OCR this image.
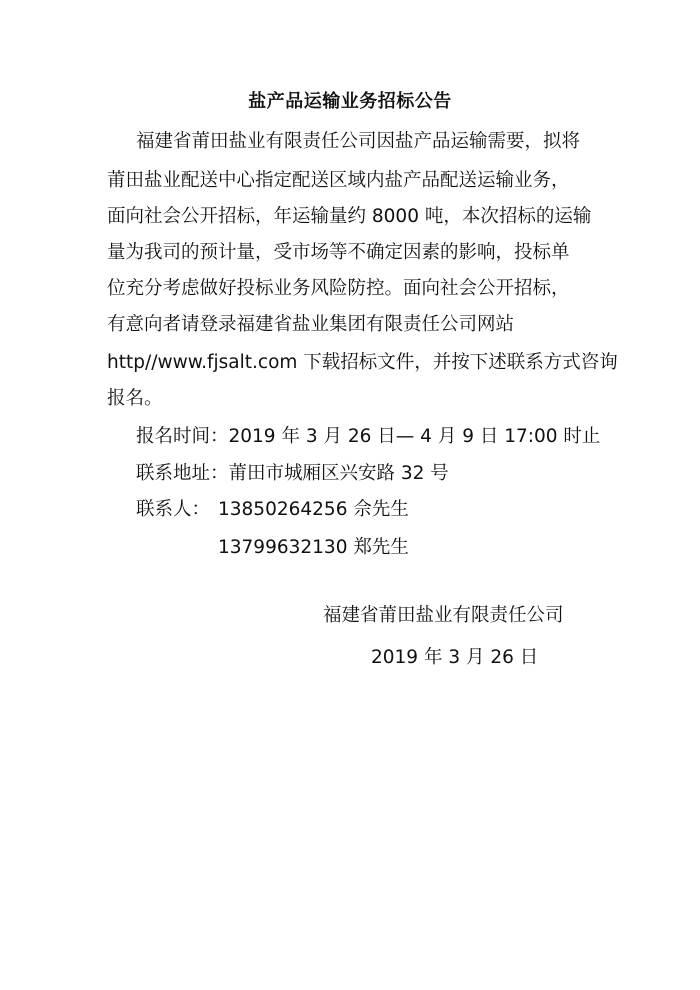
盐产品运输业务招标公告
福建省莆田盐业有限责任公司因盐产品运输需要，拟将
莆田盐业配送中心指定配送区域内盐产品配送运输业务，
面向社会公开招标，年运输量约 8000 吨，本次招标的运输
量为我司的预计量，受市场等不确定因素的影响，投标单
位充分考虑做好投标业务风险防控。面向社会公开招标，
有意向者请登录福建省盐业集团有限责任公司网站
http//www.fjsalt.com 下载招标文件，并按下述联系方式咨询
报名。
报名时间：2019 年 3 月 26 日— 4 月 9 日 17:00 时止
联系地址：莆田市城厢区兴安路 32 号
联系人： 13850264256 佘先生
13799632130 郑先生
福建省莆田盐业有限责任公司
2019 年 3 月 26 日
